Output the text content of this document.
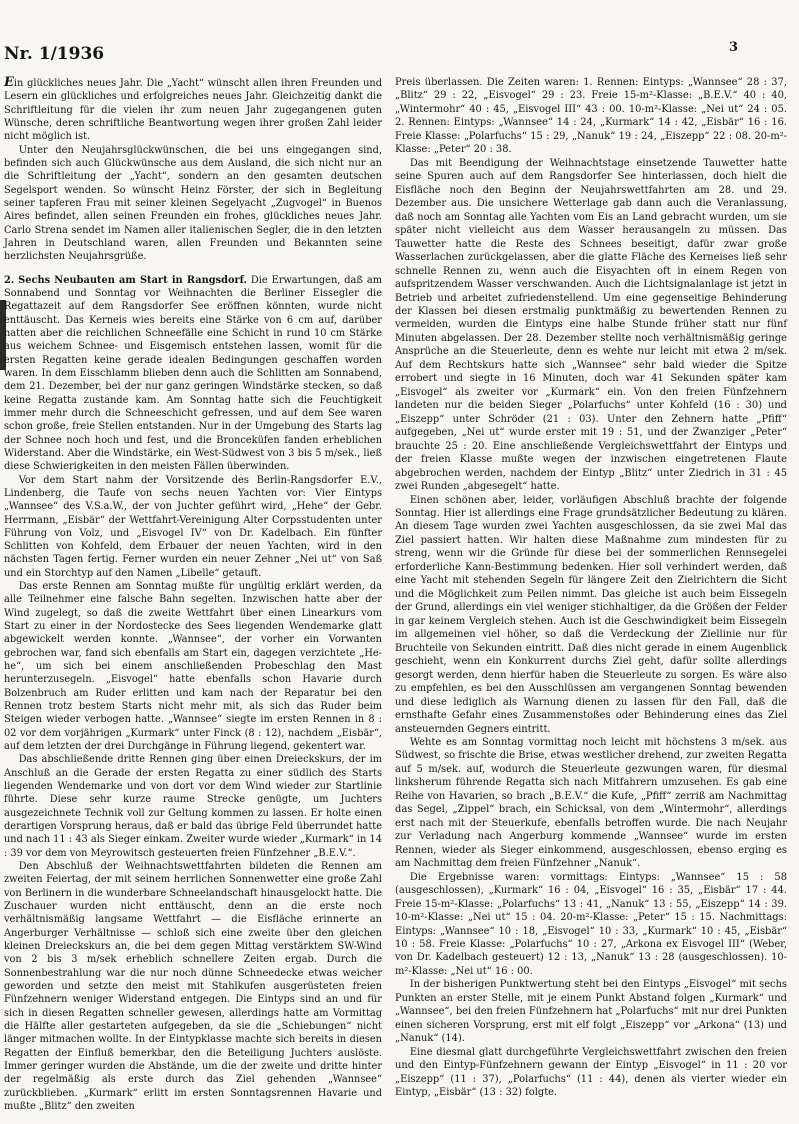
Nr. 1/1936	3

Ein glückliches neues Jahr. Die „Yacht“ wünscht allen ihren Freunden und Lesern ein glückliches und erfolgreiches neues Jahr. Gleichzeitig dankt die Schriftleitung für die vielen ihr zum neuen Jahr zugegangenen guten Wünsche, deren schriftliche Beantwortung wegen ihrer großen Zahl leider nicht möglich ist.

Unter den Neujahrsglückwünschen, die bei uns eingegangen sind, befinden sich auch Glückwünsche aus dem Ausland, die sich nicht nur an die Schriftleitung der „Yacht“, sondern an den gesamten deutschen Segelsport wenden. So wünscht Heinz Förster, der sich in Begleitung seiner tapferen Frau mit seiner kleinen Segelyacht „Zugvogel“ in Buenos Aires befindet, allen seinen Freunden ein frohes, glückliches neues Jahr. Carlo Strena sendet im Namen aller italienischen Segler, die in den letzten Jahren in Deutschland waren, allen Freunden und Bekannten seine herzlichsten Neujahrsgrüße.

2. Sechs Neubauten am Start in Rangsdorf. Die Erwartungen, daß am Sonnabend und Sonntag vor Weihnachten die Berliner Eissegler die Regattazeit auf dem Rangsdorfer See eröffnen könnten, wurde nicht enttäuscht. Das Kerneis wies bereits eine Stärke von 6 cm auf, darüber hatten aber die reichlichen Schneefälle eine Schicht in rund 10 cm Stärke aus weichem Schnee- und Eisgemisch entstehen lassen, womit für die ersten Regatten keine gerade idealen Bedingungen geschaffen worden waren. In dem Eisschlamm blieben denn auch die Schlitten am Sonnabend, dem 21. Dezember, bei der nur ganz geringen Windstärke stecken, so daß keine Regatta zustande kam. Am Sonntag hatte sich die Feuchtigkeit immer mehr durch die Schneeschicht gefressen, und auf dem See waren schon große, freie Stellen entstanden. Nur in der Umgebung des Starts lag der Schnee noch hoch und fest, und die Bronceküfen fanden erheblichen Widerstand. Aber die Windstärke, ein West-Südwest von 3 bis 5 m/sek., ließ diese Schwierigkeiten in den meisten Fällen überwinden.

Vor dem Start nahm der Vorsitzende des Berlin-Rangsdorfer E.V., Lindenberg, die Taufe von sechs neuen Yachten vor: Vier Eintyps „Wannsee“ des V.S.a.W., der von Juchter geführt wird, „Hehe“ der Gebr. Herrmann, „Eisbär“ der Wettfahrt-Vereinigung Alter Corpsstudenten unter Führung von Volz, und „Eisvogel IV“ von Dr. Kadelbach. Ein fünfter Schlitten von Kohfeld, dem Erbauer der neuen Yachten, wird in den nächsten Tagen fertig. Ferner wurden ein neuer Zehner „Nei ut“ von Saß und ein Storchtyp auf den Namen „Libelle“ getauft.

Das erste Rennen am Sonntag mußte für ungültig erklärt werden, da alle Teilnehmer eine falsche Bahn segelten. Inzwischen hatte aber der Wind zugelegt, so daß die zweite Wettfahrt über einen Linearkurs vom Start zu einer in der Nordostecke des Sees liegenden Wendemarke glatt abgewickelt werden konnte. „Wannsee“, der vorher ein Vorwanten gebrochen war, fand sich ebenfalls am Start ein, dagegen verzichtete „He-he“, um sich bei einem anschließenden Probeschlag den Mast herunterzusegeln. „Eisvogel“ hatte ebenfalls schon Havarie durch Bolzenbruch am Ruder erlitten und kam nach der Reparatur bei den Rennen trotz bestem Starts nicht mehr mit, als sich das Ruder beim Steigen wieder verbogen hatte. „Wannsee“ siegte im ersten Rennen in 8 : 02 vor dem vorjährigen „Kurmark“ unter Finck (8 : 12), nachdem „Eisbär“, auf dem letzten der drei Durchgänge in Führung liegend, gekentert war.

Das abschließende dritte Rennen ging über einen Dreieckskurs, der im Anschluß an die Gerade der ersten Regatta zu einer südlich des Starts liegenden Wendemarke und von dort vor dem Wind wieder zur Startlinie führte. Diese sehr kurze raume Strecke genügte, um Juchters ausgezeichnete Technik voll zur Geltung kommen zu lassen. Er holte einen derartigen Vorsprung heraus, daß er bald das übrige Feld überrundet hatte und nach 11 : 43 als Sieger einkam. Zweiter wurde wieder „Kurmark“ in 14 : 39 vor dem von Meyrowitsch gesteuerten freien Fünfzehner „B.E.V.“.

Den Abschluß der Weihnachtswettfahrten bildeten die Rennen am zweiten Feiertag, der mit seinem herrlichen Sonnenwetter eine große Zahl von Berlinern in die wunderbare Schneelandschaft hinausgelockt hatte. Die Zuschauer wurden nicht enttäuscht, denn an die erste noch verhältnismäßig langsame Wettfahrt — die Eisfläche erinnerte an Angerburger Verhältnisse — schloß sich eine zweite über den gleichen kleinen Dreieckskurs an, die bei dem gegen Mittag verstärktem SW-Wind von 2 bis 3 m/sek erheblich schnellere Zeiten ergab. Durch die Sonnenbestrahlung war die nur noch dünne Schneedecke etwas weicher geworden und setzte den meist mit Stahlkufen ausgerüsteten freien Fünfzehnern weniger Widerstand entgegen. Die Eintyps sind an und für sich in diesen Regatten schneller gewesen, allerdings hatte am Vormittag die Hälfte aller gestarteten aufgegeben, da sie die „Schiebungen“ nicht länger mitmachen wollte. In der Eintypklasse machte sich bereits in diesen Regatten der Einfluß bemerkbar, den die Beteiligung Juchters auslöste. Immer geringer wurden die Abstände, um die der zweite und dritte hinter der regelmäßig als erste durch das Ziel gehenden „Wannsee“ zurückblieben. „Kurmark“ erlitt im ersten Sonntagsrennen Havarie und mußte „Blitz“ den zweiten

Preis überlassen. Die Zeiten waren: 1. Rennen: Eintyps: „Wannsee“ 28 : 37, „Blitz“ 29 : 22, „Eisvogel“ 29 : 23. Freie 15-m²-Klasse: „B.E.V.“ 40 : 40, „Wintermohr“ 40 : 45, „Eisvogel III“ 43 : 00. 10-m²-Klasse: „Nei ut“ 24 : 05. 2. Rennen: Eintyps: „Wannsee“ 14 : 24, „Kurmark“ 14 : 42, „Eisbär“ 16 : 16. Freie Klasse: „Polarfuchs“ 15 : 29, „Nanuk“ 19 : 24, „Eiszepp“ 22 : 08. 20-m²-Klasse: „Peter“ 20 : 38.

Das mit Beendigung der Weihnachtstage einsetzende Tauwetter hatte seine Spuren auch auf dem Rangsdorfer See hinterlassen, doch hielt die Eisfläche noch den Beginn der Neujahrswettfahrten am 28. und 29. Dezember aus. Die unsichere Wetterlage gab dann auch die Veranlassung, daß noch am Sonntag alle Yachten vom Eis an Land gebracht wurden, um sie später nicht vielleicht aus dem Wasser herausangeln zu müssen. Das Tauwetter hatte die Reste des Schnees beseitigt, dafür zwar große Wasserlachen zurückgelassen, aber die glatte Fläche des Kerneises ließ sehr schnelle Rennen zu, wenn auch die Eisyachten oft in einem Regen von aufspritzendem Wasser verschwanden. Auch die Lichtsignalanlage ist jetzt in Betrieb und arbeitet zufriedenstellend. Um eine gegenseitige Behinderung der Klassen bei diesen erstmalig punktmäßig zu bewertenden Rennen zu vermeiden, wurden die Eintyps eine halbe Stunde früher statt nur fünf Minuten abgelassen. Der 28. Dezember stellte noch verhältnismäßig geringe Ansprüche an die Steuerleute, denn es wehte nur leicht mit etwa 2 m/sek. Auf dem Rechtskurs hatte sich „Wannsee“ sehr bald wieder die Spitze errobert und siegte in 16 Minuten, doch war 41 Sekunden später kam „Eisvogel“ als zweiter vor „Kurmark“ ein. Von den freien Fünfzehnern landeten nur die beiden Sieger „Polarfuchs“ unter Kohfeld (16 : 30) und „Eiszepp“ unter Schröder (21 : 03). Unter den Zehnern hatte „Pfiff“ aufgegeben, „Nei ut“ wurde erster mit 19 : 51, und der Zwanziger „Peter“ brauchte 25 : 20. Eine anschließende Vergleichswettfahrt der Eintyps und der freien Klasse mußte wegen der inzwischen eingetretenen Flaute abgebrochen werden, nachdem der Eintyp „Blitz“ unter Ziedrich in 31 : 45 zwei Runden „abgesegelt“ hatte.

Einen schönen aber, leider, vorläufigen Abschluß brachte der folgende Sonntag. Hier ist allerdings eine Frage grundsätzlicher Bedeutung zu klären. An diesem Tage wurden zwei Yachten ausgeschlossen, da sie zwei Mal das Ziel passiert hatten. Wir halten diese Maßnahme zum mindesten für zu streng, wenn wir die Gründe für diese bei der sommerlichen Rennsegelei erforderliche Kann-Bestimmung bedenken. Hier soll verhindert werden, daß eine Yacht mit stehenden Segeln für längere Zeit den Zielrichtern die Sicht und die Möglichkeit zum Peilen nimmt. Das gleiche ist auch beim Eissegeln der Grund, allerdings ein viel weniger stichhaltiger, da die Größen der Felder in gar keinem Vergleich stehen. Auch ist die Geschwindigkeit beim Eissegeln im allgemeinen viel höher, so daß die Verdeckung der Ziellinie nur für Bruchteile von Sekunden eintritt. Daß dies nicht gerade in einem Augenblick geschieht, wenn ein Konkurrent durchs Ziel geht, dafür sollte allerdings gesorgt werden, denn hierfür haben die Steuerleute zu sorgen. Es wäre also zu empfehlen, es bei den Ausschlüssen am vergangenen Sonntag bewenden und diese lediglich als Warnung dienen zu lassen für den Fall, daß die ernsthafte Gefahr eines Zusammenstoßes oder Behinderung eines das Ziel ansteuernden Gegners eintritt.

Wehte es am Sonntag vormittag noch leicht mit höchstens 3 m/sek. aus Südwest, so frischte die Brise, etwas westlicher drehend, zur zweiten Regatta auf 5 m/sek. auf, wodurch die Steuerleute gezwungen waren, für diesmal linksherum führende Regatta sich nach Mitfahrern umzusehen. Es gab eine Reihe von Havarien, so brach „B.E.V.“ die Kufe, „Pfiff“ zerriß am Nachmittag das Segel, „Zippel“ brach, ein Schicksal, von dem „Wintermohr“, allerdings erst nach mit der Steuerkufe, ebenfalls betroffen wurde. Die nach Neujahr zur Verladung nach Angerburg kommende „Wannsee“ wurde im ersten Rennen, wieder als Sieger einkommend, ausgeschlossen, ebenso erging es am Nachmittag dem freien Fünfzehner „Nanuk“.

Die Ergebnisse waren: vormittags: Eintyps: „Wannsee“ 15 : 58 (ausgeschlossen), „Kurmark“ 16 : 04, „Eisvogel“ 16 : 35, „Eisbär“ 17 : 44. Freie 15-m²-Klasse: „Polarfuchs“ 13 : 41, „Nanuk“ 13 : 55, „Eiszepp“ 14 : 39. 10-m²-Klasse: „Nei ut“ 15 : 04. 20-m²-Klasse: „Peter“ 15 : 15. Nachmittags: Eintyps: „Wannsee“ 10 : 18, „Eisvogel“ 10 : 33, „Kurmark“ 10 : 45, „Eisbär“ 10 : 58. Freie Klasse: „Polarfuchs“ 10 : 27, „Arkona ex Eisvogel III“ (Weber, von Dr. Kadelbach gesteuert) 12 : 13, „Nanuk“ 13 : 28 (ausgeschlossen). 10-m²-Klasse: „Nei ut“ 16 : 00.

In der bisherigen Punktwertung steht bei den Eintyps „Eisvogel“ mit sechs Punkten an erster Stelle, mit je einem Punkt Abstand folgen „Kurmark“ und „Wannsee“, bei den freien Fünfzehnern hat „Polarfuchs“ mit nur drei Punkten einen sicheren Vorsprung, erst mit elf folgt „Eiszepp“ vor „Arkona“ (13) und „Nanuk“ (14).

Eine diesmal glatt durchgeführte Vergleichswettfahrt zwischen den freien und den Eintyp-Fünfzehnern gewann der Eintyp „Eisvogel“ in 11 : 20 vor „Eiszepp“ (11 : 37), „Polarfuchs“ (11 : 44), denen als vierter wieder ein Eintyp, „Eisbär“ (13 : 32) folgte.
